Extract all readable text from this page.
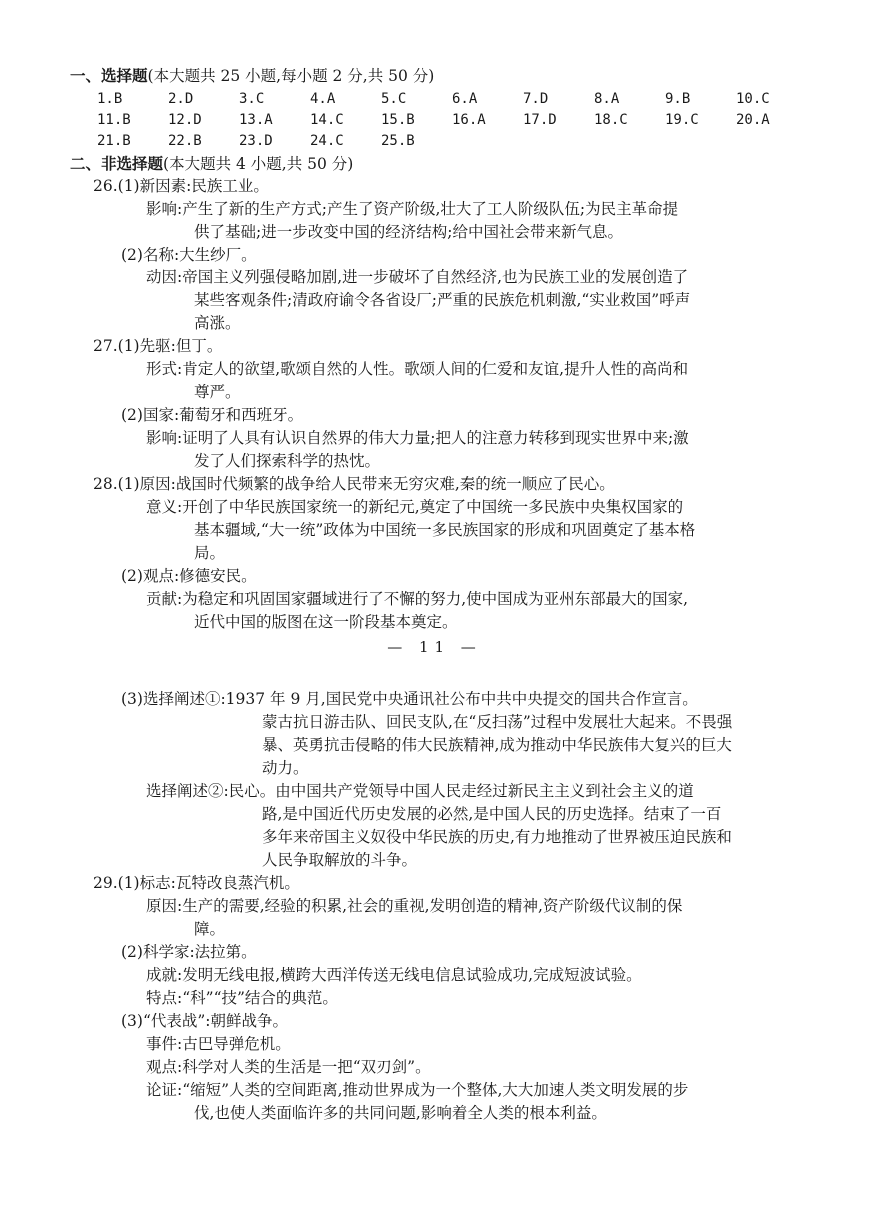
一、选择题(本大题共 25 小题,每小题 2 分,共 50 分)
1.B	2.D	3.C	4.A	5.C	6.A	7.D	8.A	9.B	10.C
11.B	12.D	13.A	14.C	15.B	16.A	17.D	18.C	19.C	20.A
21.B	22.B	23.D	24.C	25.B
二、非选择题(本大题共 4 小题,共 50 分)
26.(1)新因素:民族工业。
影响:产生了新的生产方式;产生了资产阶级,壮大了工人阶级队伍;为民主革命提
供了基础;进一步改变中国的经济结构;给中国社会带来新气息。
(2)名称:大生纱厂。
动因:帝国主义列强侵略加剧,进一步破坏了自然经济,也为民族工业的发展创造了
某些客观条件;清政府谕令各省设厂;严重的民族危机刺激,“实业救国”呼声
高涨。
27.(1)先驱:但丁。
形式:肯定人的欲望,歌颂自然的人性。歌颂人间的仁爱和友谊,提升人性的高尚和
尊严。
(2)国家:葡萄牙和西班牙。
影响:证明了人具有认识自然界的伟大力量;把人的注意力转移到现实世界中来;激
发了人们探索科学的热忱。
28.(1)原因:战国时代频繁的战争给人民带来无穷灾难,秦的统一顺应了民心。
意义:开创了中华民族国家统一的新纪元,奠定了中国统一多民族中央集权国家的
基本疆域,“大一统”政体为中国统一多民族国家的形成和巩固奠定了基本格
局。
(2)观点:修德安民。
贡献:为稳定和巩固国家疆域进行了不懈的努力,使中国成为亚州东部最大的国家,
近代中国的版图在这一阶段基本奠定。
— 11 —
(3)选择阐述①:1937 年 9 月,国民党中央通讯社公布中共中央提交的国共合作宣言。
蒙古抗日游击队、回民支队,在“反扫荡”过程中发展壮大起来。不畏强
暴、英勇抗击侵略的伟大民族精神,成为推动中华民族伟大复兴的巨大
动力。
选择阐述②:民心。由中国共产党领导中国人民走经过新民主主义到社会主义的道
路,是中国近代历史发展的必然,是中国人民的历史选择。结束了一百
多年来帝国主义奴役中华民族的历史,有力地推动了世界被压迫民族和
人民争取解放的斗争。
29.(1)标志:瓦特改良蒸汽机。
原因:生产的需要,经验的积累,社会的重视,发明创造的精神,资产阶级代议制的保
障。
(2)科学家:法拉第。
成就:发明无线电报,横跨大西洋传送无线电信息试验成功,完成短波试验。
特点:“科”“技”结合的典范。
(3)“代表战”:朝鲜战争。
事件:古巴导弹危机。
观点:科学对人类的生活是一把“双刃剑”。
论证:“缩短”人类的空间距离,推动世界成为一个整体,大大加速人类文明发展的步
伐,也使人类面临许多的共同问题,影响着全人类的根本利益。
